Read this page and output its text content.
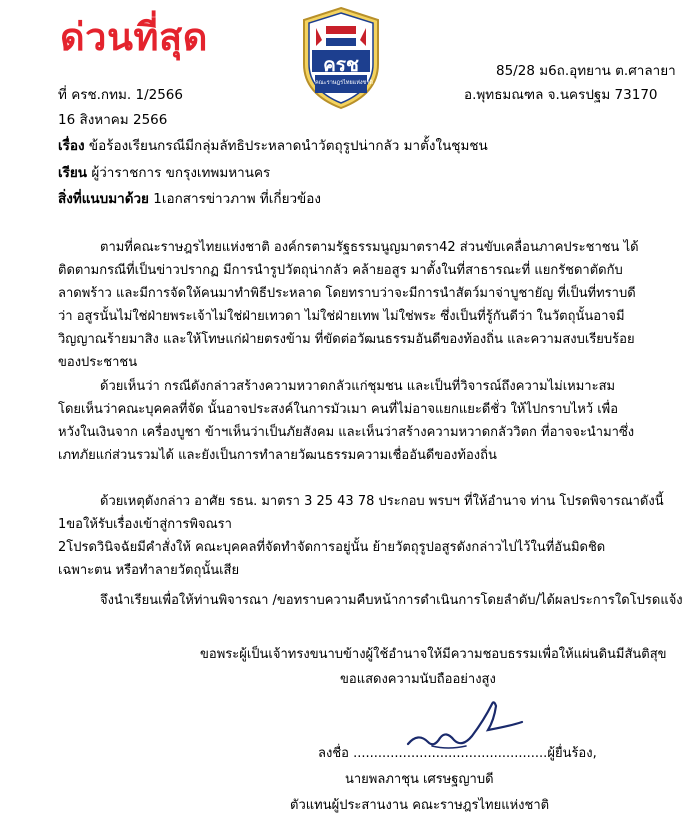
ด่วนที่สุด
ครช
คณะราษฎรไทยแห่งชาติ
85/28 ม6ถ.อุทยาน ต.ศาลายา
อ.พุทธมณฑล จ.นครปฐม 73170
ที่ ครช.กทม. 1/2566
16 สิงหาคม 2566
เรื่อง ข้อร้องเรียนกรณีมีกลุ่มลัทธิประหลาดนำวัตถุรูปน่ากลัว มาตั้งในชุมชน
เรียน ผู้ว่าราชการ ขกรุงเทพมหานคร
สิ่งที่แนบมาด้วย 1เอกสารข่าวภาพ ที่เกี่ยวข้อง

ตามที่คณะราษฎรไทยแห่งชาติ องค์กรตามรัฐธรรมนูญมาตรา42 ส่วนขับเคลื่อนภาคประชาชน ได้ติดตามกรณีที่เป็นข่าวปรากฏ มีการนำรูปวัตถุน่ากลัว คล้ายอสูร มาตั้งในที่สาธารณะที่ แยกรัชดาตัดกับลาดพร้าว และมีการจัดให้คนมาทำพิธีประหลาด โดยทราบว่าจะมีการนำสัตว์มาจ่าบูชายัญ ที่เป็นที่ทราบดีว่า อสูรนั้นไม่ใช่ฝ่ายพระเจ้าไม่ใช่ฝ่ายเทวดา ไม่ใช่ฝ่ายเทพ ไม่ใช่พระ ซึ่งเป็นที่รู้กันดีว่า ในวัตถุนั้นอาจมีวิญญาณร้ายมาสิง และให้โทษแก่ฝ่ายตรงข้าม ที่ขัดต่อวัฒนธรรมอันดีของท้องถิ่น และความสงบเรียบร้อยของประชาชน

ด้วยเห็นว่า กรณีดังกล่าวสร้างความหวาดกลัวแก่ชุมชน และเป็นที่วิจารณ์ถึงความไม่เหมาะสม โดยเห็นว่าคณะบุคคลที่จัด นั้นอาจประสงค์ในการมัวเมา คนที่ไม่อาจแยกแยะดีชั่ว ให้ไปกราบไหว้ เพื่อหวังในเงินจาก เครื่องบูชา ข้าฯเห็นว่าเป็นภัยสังคม และเห็นว่าสร้างความหวาดกลัววิตก ที่อาจจะนำมาซึ่งเภทภัยแก่ส่วนรวมได้ และยังเป็นการทำลายวัฒนธรรมความเชื่ออันดีของท้องถิ่น

ด้วยเหตุดังกล่าว อาศัย รธน. มาตรา 3 25 43 78 ประกอบ พรบฯ ที่ให้อำนาจ ท่าน โปรดพิจารณาดังนี้
1ขอให้รับเรื่องเข้าสู่การพิจณรา

2โปรดวินิจฉัยมีคำสั่งให้ คณะบุคคลที่จัดทำจัดการอยู่นั้น ย้ายวัตถุรูปอสูรดังกล่าวไปไว้ในที่อันมิดชิด เฉพาะตน หรือทำลายวัตถุนั้นเสีย

จึงนำเรียนเพื่อให้ท่านพิจารณา /ขอทราบความคืบหน้าการดำเนินการโดยลำดับ/ได้ผลประการใดโปรดแจ้ง
ขอพระผู้เป็นเจ้าทรงขนาบข้างผู้ใช้อำนาจให้มีความชอบธรรมเพื่อให้แผ่นดินมีสันติสุข
ขอแสดงความนับถืออย่างสูง
ลงชื่อ ...............................................ผู้ยื่นร้อง,
นายพลภาชุน เศรษฐญาบดี
ตัวแทนผู้ประสานงาน คณะราษฎรไทยแห่งชาติ
